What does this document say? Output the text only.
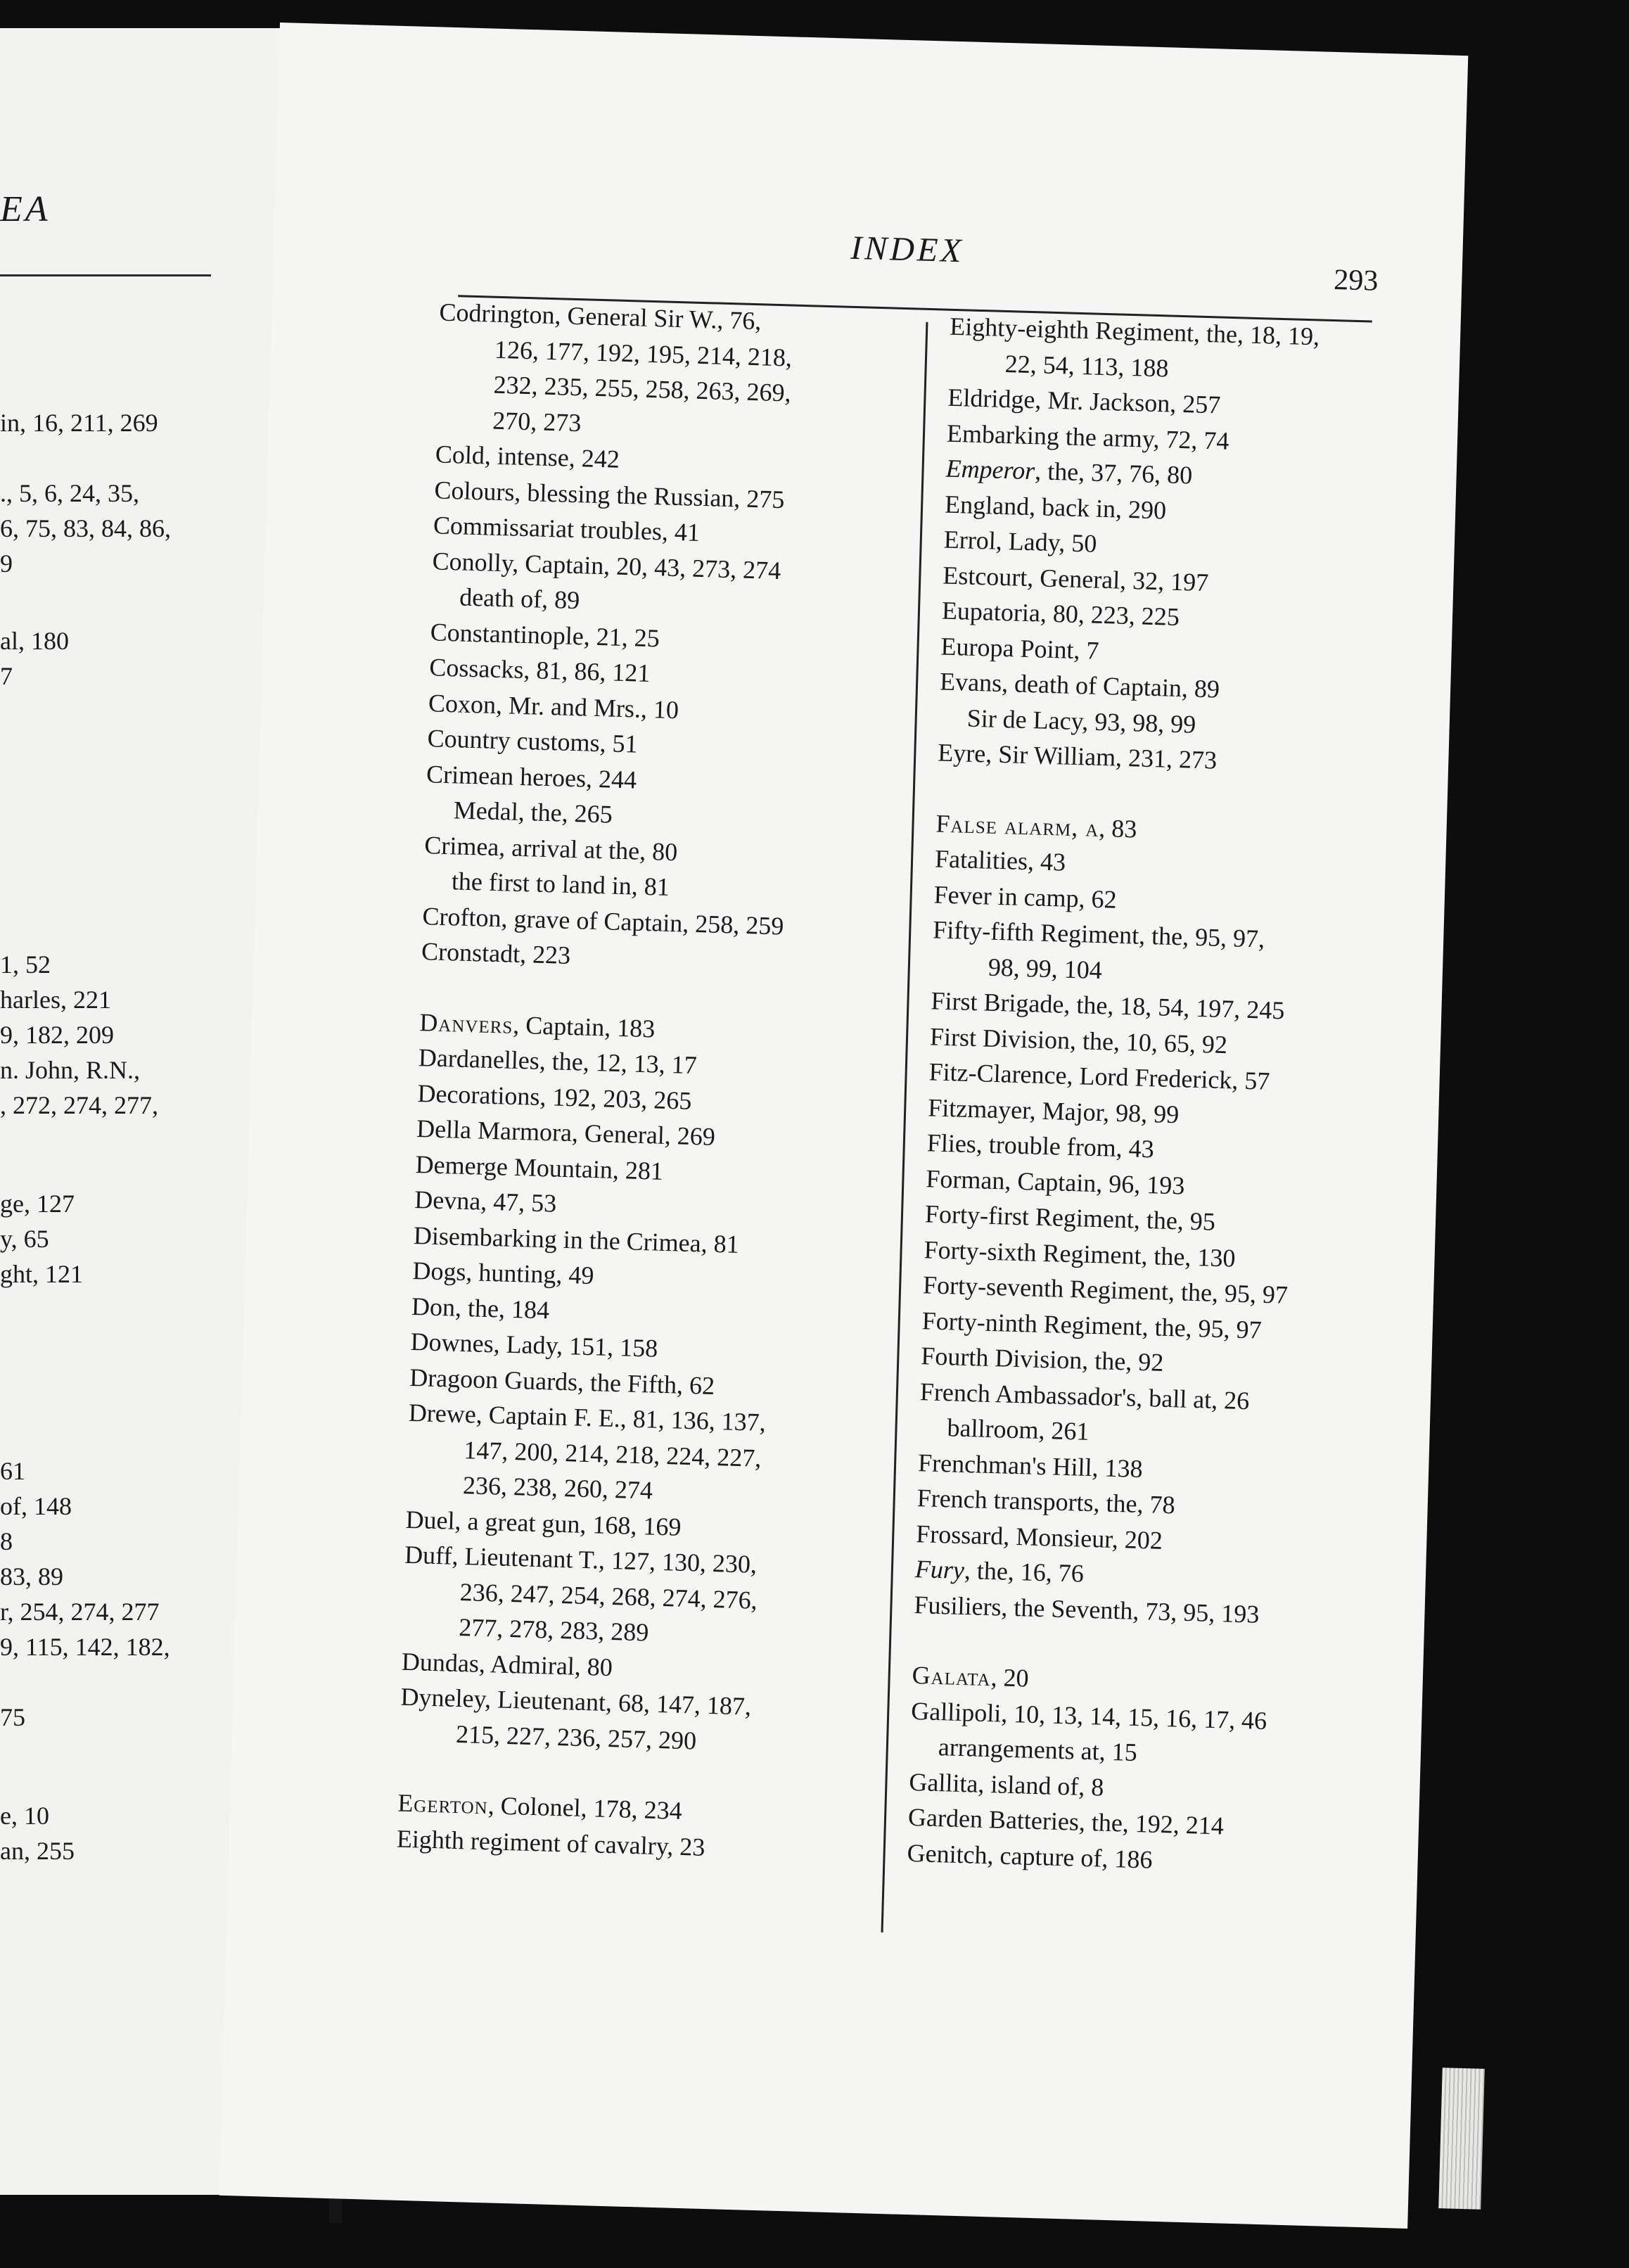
EA
in, 16, 211, 269
., 5, 6, 24, 35,
6, 75, 83, 84, 86,
9
al, 180
7
1, 52
harles, 221
9, 182, 209
n. John, R.N.,
, 272, 274, 277,
ge, 127
y, 65
ght, 121
61
of, 148
8
83, 89
r, 254, 274, 277
9, 115, 142, 182,
75
e, 10
an, 255
INDEX
293
Codrington, General Sir W., 76,
126, 177, 192, 195, 214, 218,
232, 235, 255, 258, 263, 269,
270, 273
Cold, intense, 242
Colours, blessing the Russian, 275
Commissariat troubles, 41
Conolly, Captain, 20, 43, 273, 274
death of, 89
Constantinople, 21, 25
Cossacks, 81, 86, 121
Coxon, Mr. and Mrs., 10
Country customs, 51
Crimean heroes, 244
Medal, the, 265
Crimea, arrival at the, 80
the first to land in, 81
Crofton, grave of Captain, 258, 259
Cronstadt, 223
Danvers, Captain, 183
Dardanelles, the, 12, 13, 17
Decorations, 192, 203, 265
Della Marmora, General, 269
Demerge Mountain, 281
Devna, 47, 53
Disembarking in the Crimea, 81
Dogs, hunting, 49
Don, the, 184
Downes, Lady, 151, 158
Dragoon Guards, the Fifth, 62
Drewe, Captain F. E., 81, 136, 137,
147, 200, 214, 218, 224, 227,
236, 238, 260, 274
Duel, a great gun, 168, 169
Duff, Lieutenant T., 127, 130, 230,
236, 247, 254, 268, 274, 276,
277, 278, 283, 289
Dundas, Admiral, 80
Dyneley, Lieutenant, 68, 147, 187,
215, 227, 236, 257, 290
Egerton, Colonel, 178, 234
Eighth regiment of cavalry, 23
Eighty-eighth Regiment, the, 18, 19,
22, 54, 113, 188
Eldridge, Mr. Jackson, 257
Embarking the army, 72, 74
Emperor, the, 37, 76, 80
England, back in, 290
Errol, Lady, 50
Estcourt, General, 32, 197
Eupatoria, 80, 223, 225
Europa Point, 7
Evans, death of Captain, 89
Sir de Lacy, 93, 98, 99
Eyre, Sir William, 231, 273
False alarm, a, 83
Fatalities, 43
Fever in camp, 62
Fifty-fifth Regiment, the, 95, 97,
98, 99, 104
First Brigade, the, 18, 54, 197, 245
First Division, the, 10, 65, 92
Fitz-Clarence, Lord Frederick, 57
Fitzmayer, Major, 98, 99
Flies, trouble from, 43
Forman, Captain, 96, 193
Forty-first Regiment, the, 95
Forty-sixth Regiment, the, 130
Forty-seventh Regiment, the, 95, 97
Forty-ninth Regiment, the, 95, 97
Fourth Division, the, 92
French Ambassador's, ball at, 26
ballroom, 261
Frenchman's Hill, 138
French transports, the, 78
Frossard, Monsieur, 202
Fury, the, 16, 76
Fusiliers, the Seventh, 73, 95, 193
Galata, 20
Gallipoli, 10, 13, 14, 15, 16, 17, 46
arrangements at, 15
Gallita, island of, 8
Garden Batteries, the, 192, 214
Genitch, capture of, 186
